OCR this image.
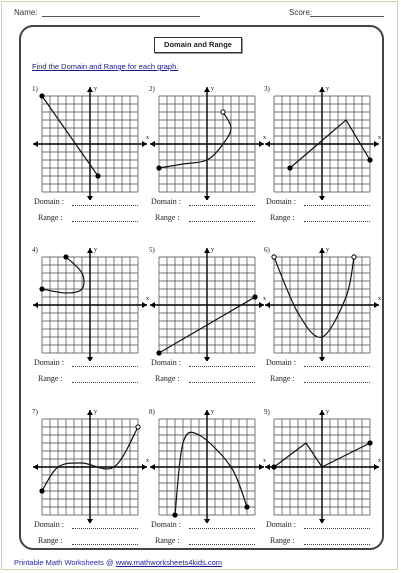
Name:	Score:
Domain and Range
Find the Domain and Range for each graph.
1)
x
y
Domain :
Range :
2)
x
y
Domain :
Range :
3)
x
y
Domain :
Range :
4)
x
y
Domain :
Range :
5)
x
y
Domain :
Range :
6)
x
y
Domain :
Range :
7)
x
y
Domain :
Range :
8)
x
y
Domain :
Range :
9)
x
y
Domain :
Range :
Printable Math Worksheets @ www.mathworksheets4kids.com
